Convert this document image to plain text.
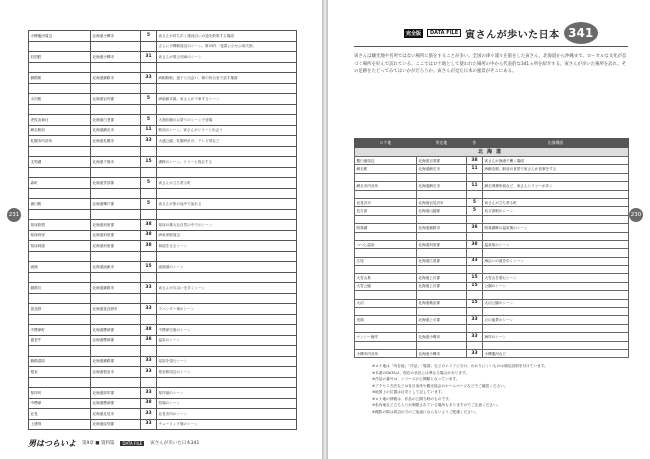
231	230
小樽運河周辺	北海道小樽市	5	寅さんが持ち歩く運河沿いの道を散策する場面
			さらに小樽駅周辺のシーン。第33作「夜霧にむせぶ寅次郎」
旧国鉄	北海道小樽市	31	寅さんが乗る列車のシーン

釧路駅	北海道釧路市	33	JR釧路駅。風子と出会い、駅の待合室で話す場面

小沢駅	北海道岩内郡	5	JR函館本線。寅さんが下車するシーン

虎杖浜神社	北海道白老郡	5	大漁祈願のお祭りのシーンで登場
網走駅前	北海道網走市	11	駅前のシーン。寅さんがリリーと出会う
札幌市内各所	北海道札幌市	33	大通公園、札幌時計台、テレビ塔など

支笏湖	北海道千歳市	15	湖畔のシーン。リリーと再会する

森町	北海道茅部郡	5	寅さんが立ち寄る町

浦臼駅	北海道樺戸郡	5	寅さんが旅の途中で訪れる

知床旅情	北海道斜里郡	38	知床の雄大な自然の中でのシーン
知床斜里	北海道斜里郡	38	JR斜里駅周辺
知床林道	北海道斜里郡	38	林道を走るシーン

函館	北海道函館市	15	函館港のシーン

釧路川	北海道釧路市	33	寅さんが川沿いを歩くシーン

富良野	北海道富良野市	33	ラベンダー畑のシーン

中標津町	北海道標津郡	38	中標津空港のシーン
養老牛	北海道標津郡	38	温泉のシーン

釧路湿原	北海道釧路郡	33	湿原を望むシーン
根室	北海道根室市	33	根室駅周辺のシーン

厚岸町	北海道厚岸郡	33	厚岸港のシーン
中標津	北海道標津郡	38	牧場のシーン
北見	北海道北見市	33	北見市内のシーン
上湧別	北海道紋別郡	33	チューリップ畑のシーン
男はつらいよ 第9章 ■ 資料篇	DATA FILE	寅さんが歩いた日本341
完全版	DATA FILE 寅さんが歩いた日本 341

寅さんは観光地や名所ではない場所に旅をすることが多い。全国の津々浦々を旅をした寅さん。北海道から沖縄まで、ローカルな文化が息づく場所を好んで訪れている。ここではロケ地として使われた場所の中から代表的な341ヵ所を紹介する。寅さんが歩いた場所を訪れ、その足跡をたどってみてはいかがだろうか。寅さんが見た日本の風景がそこにある。

ロケ地	所在地	作	出演場面
北海道			
羅臼港周辺	北海道目梨郡	38	寅さんが漁港で働く場面
網走駅	北海道網走市	11	JR網走駅。駅前の食堂で寅さんが食事をする

網走市内各所	北海道網走市	11	網走刑務所前など、寅さんとリリーが歩く

岩見沢市	北海道岩見沢市	5	寅さんが立ち寄る町
長万部	北海道山越郡	5	長万部駅のシーン

阿寒湖	北海道釧路市	38	阿寒湖畔の温泉街のシーン

つつじ温泉	北海道斜里郡	38	温泉宿のシーン

広尾	北海道広尾郡	33	海沿いの道を歩くシーン

大雪山系	北海道上川郡	15	大雪山を望むシーン
大雪公園	北海道上川郡	15	公園のシーン

大沼	北海道亀田郡	15	大沼公園のシーン

美瑛	北海道上川郡	33	丘の風景のシーン

ナンシー海岸	北海道小樽市	33	海岸のシーン

小樽市内各所	北海道小樽市	33	小樽運河など
※ロケ地は「所在地」「作品」「場面」などのエリアに分け、わかりにくいものは補足説明を付けています。
※本書のDATAは、現在の状況とは異なる場合があります。
※作品の番号は、シリーズの公開順となっています。
※アクセス方法などは各自治体や観光協会のホームページなどでご確認ください。
※地図上の位置は目安として記しています。
※ロケ地の情報は、作品の公開当時のものです。
※私有地など立ち入りが制限されている場所もありますのでご注意ください。
※撮影の際は周辺の方のご迷惑にならないようご配慮ください。
